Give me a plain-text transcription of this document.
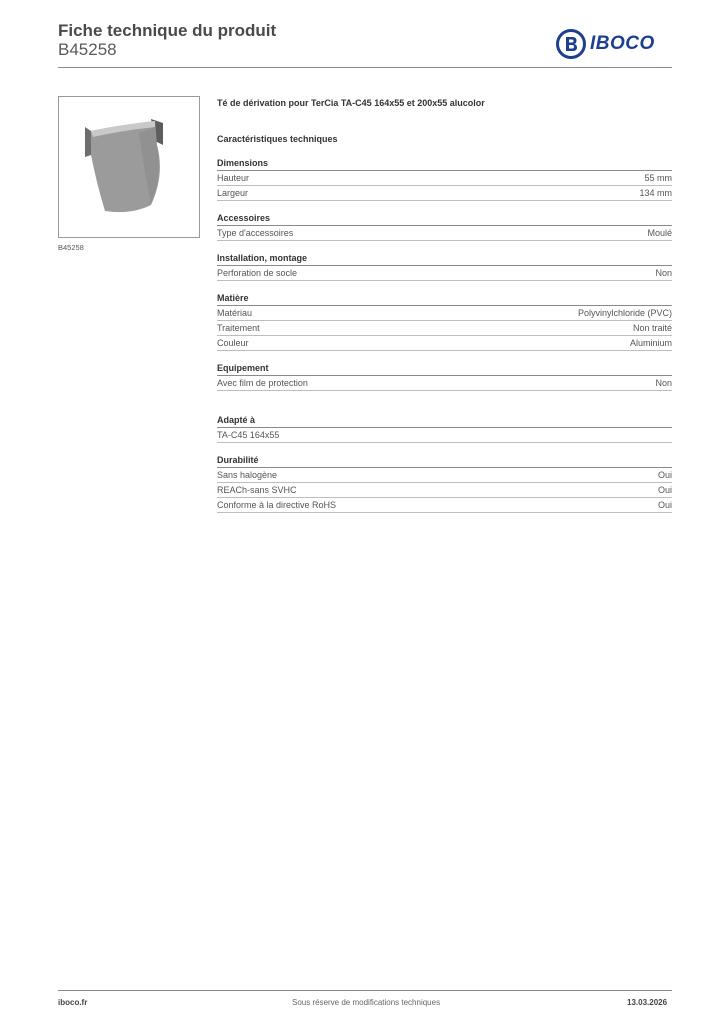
Fiche technique du produit
B45258	IBOCO
B45258
Té de dérivation pour TerCia TA-C45 164x55 et 200x55 alucolor
Caractéristiques techniques
Dimensions
Hauteur	55 mm
Largeur	134 mm
Accessoires
Type d'accessoires	Moulé
Installation, montage
Perforation de socle	Non
Matière
Matériau	Polyvinylchloride (PVC)
Traitement	Non traité
Couleur	Aluminium
Equipement
Avec film de protection	Non
Adapté à
TA-C45 164x55
Durabilité
Sans halogène	Oui
REACh-sans SVHC	Oui
Conforme à la directive RoHS	Oui
iboco.fr	Sous réserve de modifications techniques	13.03.2026
